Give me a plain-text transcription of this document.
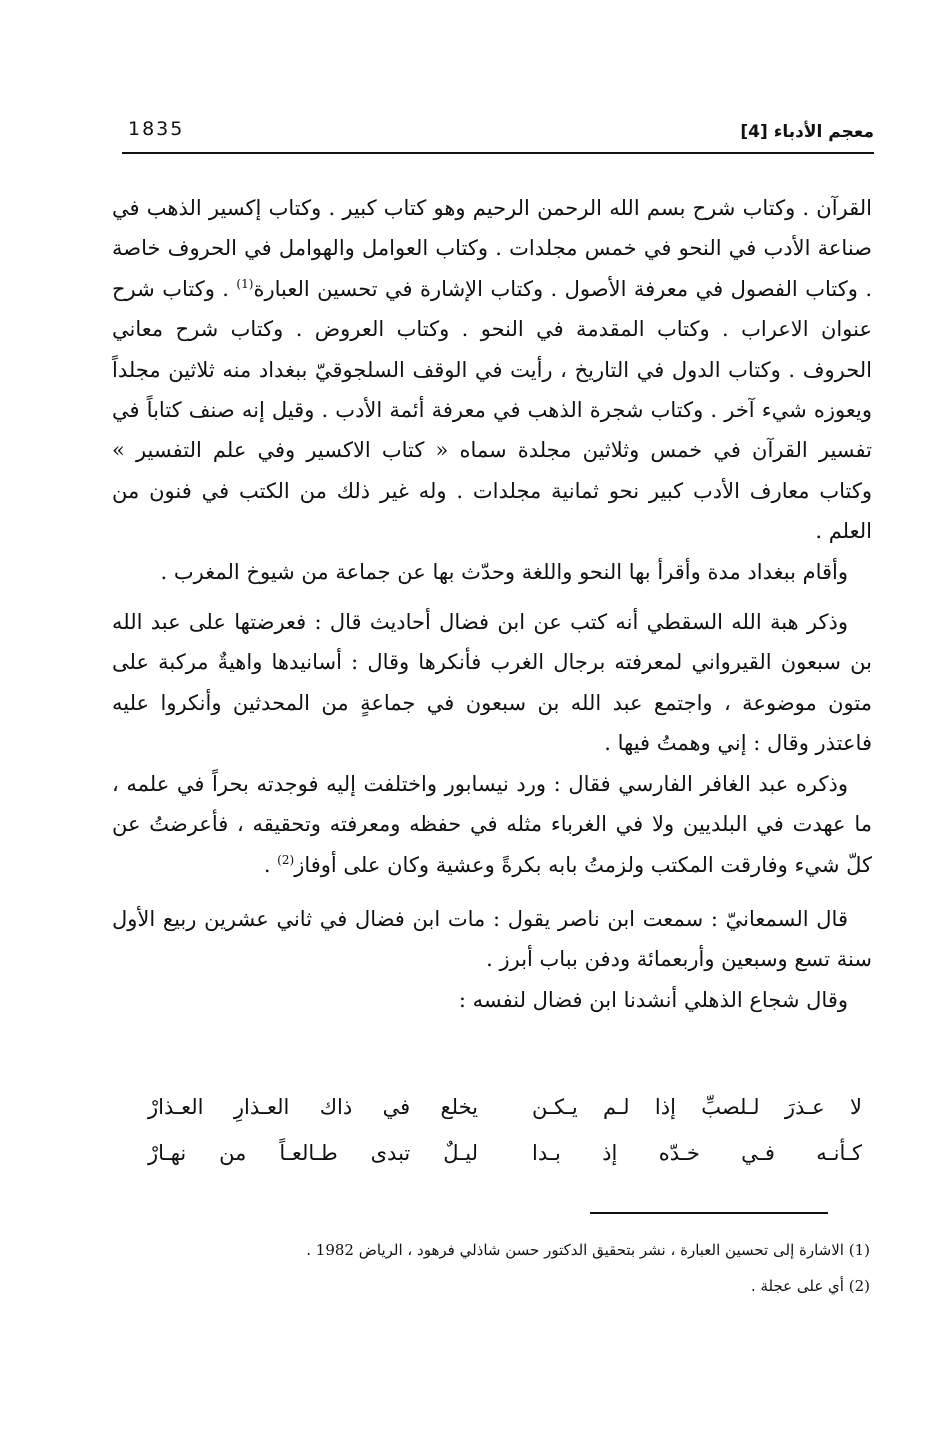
1835	معجم الأدباء [4]

القرآن . وكتاب شرح بسم الله الرحمن الرحيم وهو كتاب كبير . وكتاب إكسير الذهب في صناعة الأدب في النحو في خمس مجلدات . وكتاب العوامل والهوامل في الحروف خاصة . وكتاب الفصول في معرفة الأصول . وكتاب الإشارة في تحسين العبارة$^{(1)}$ . وكتاب شرح عنوان الاعراب . وكتاب المقدمة في النحو . وكتاب العروض . وكتاب شرح معاني الحروف . وكتاب الدول في التاريخ ، رأيت في الوقف السلجوقيّ ببغداد منه ثلاثين مجلداً ويعوزه شيء آخر . وكتاب شجرة الذهب في معرفة أئمة الأدب . وقيل إنه صنف كتاباً في تفسير القرآن في خمس وثلاثين مجلدة سماه « كتاب الاكسير وفي علم التفسير » وكتاب معارف الأدب كبير نحو ثمانية مجلدات . وله غير ذلك من الكتب في فنون من العلم .

وأقام ببغداد مدة وأقرأ بها النحو واللغة وحدّث بها عن جماعة من شيوخ المغرب .

وذكر هبة الله السقطي أنه كتب عن ابن فضال أحاديث قال : فعرضتها على عبد الله بن سبعون القيرواني لمعرفته برجال الغرب فأنكرها وقال : أسانيدها واهيةٌ مركبة على متون موضوعة ، واجتمع عبد الله بن سبعون في جماعةٍ من المحدثين وأنكروا عليه فاعتذر وقال : إني وهمتُ فيها .

وذكره عبد الغافر الفارسي فقال : ورد نيسابور واختلفت إليه فوجدته بحراً في علمه ، ما عهدت في البلديين ولا في الغرباء مثله في حفظه ومعرفته وتحقيقه ، فأعرضتُ عن كلّ شيء وفارقت المكتب ولزمتُ بابه بكرةً وعشية وكان على أوفاز$^{(2)}$ .

قال السمعانيّ : سمعت ابن ناصر يقول : مات ابن فضال في ثاني عشرين ربيع الأول سنة تسع وسبعين وأربعمائة ودفن بباب أبرز .

وقال شجاع الذهلي أنشدنا ابن فضال لنفسه :

لا عـذرَ لـلصبِّ إذا لـم يـكـن
يخلع في ذاك العـذارِ العـذارْ
كـأنـه فـي خـدّه إذ بـدا
ليـلٌ تبدى طـالعـاً من نهـارْ

(1) الاشارة إلى تحسين العبارة ، نشر بتحقيق الدكتور حسن شاذلي فرهود ، الرياض 1982 .

(2) أي على عجلة .
